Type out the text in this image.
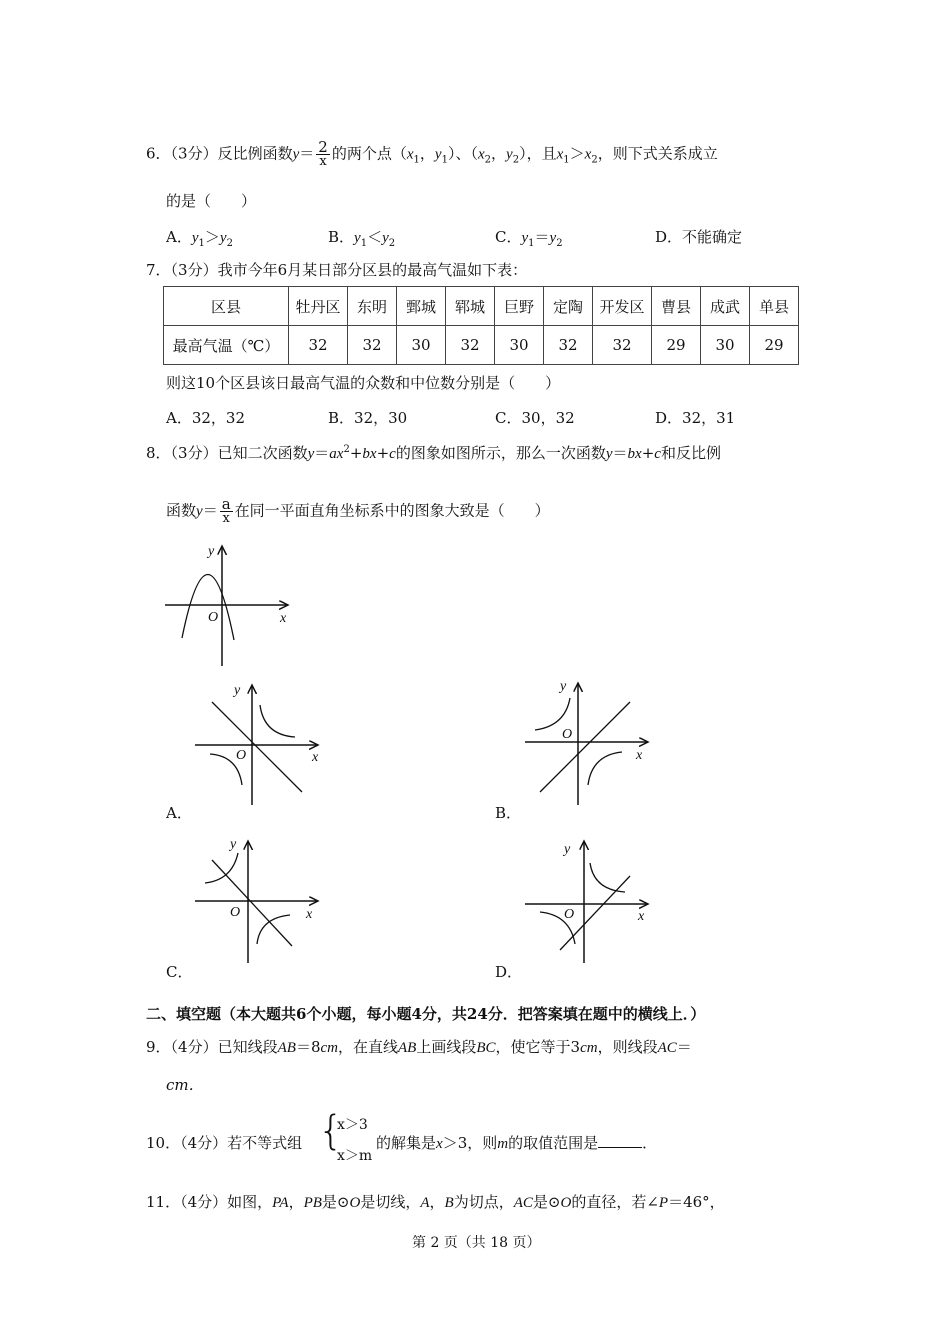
6．（3分）反比例函数$y= \frac{2}{x}$ 的两个点（$x_1$，$y_1$）、（$x_2$，$y_2$），且$x_1>x_2$，则下式关系成立
的是（　　）
A．$y_1>y_2$	B．$y_1<y_2$	C．$y_1=y_2$	D．不能确定
7．（3分）我市今年6月某日部分区县的最高气温如下表：
区县	牡丹区	东明	鄄城	郓城	巨野	定陶	开发区	曹县	成武	单县
最高气温（℃）	32	32	30	32	30	32	32	29	30	29
则这10个区县该日最高气温的众数和中位数分别是（　　）
A．32，32	B．32，30	C．30，32	D．32，31
8．（3分）已知二次函数$y=ax^2+bx+c$的图象如图所示，那么一次函数y＝bx+c和反比例
函数$y= \frac{a}{x}$ 在同一平面直角坐标系中的图象大致是（　　）
O	x
y
O	x
y
A．
O
x
y
B．
O	x
y
C．
O	x
y
D．
二、填空题（本大题共6个小题，每小题4分，共24分．把答案填在题中的横线上．）
9．（4分）已知线段AB＝8cm，在直线AB上画线段BC，使它等于3cm，则线段AC＝
cm．
10．（4分）若不等式组 {
x＞3
x＞m
的解集是x＞3，则m的取值范围是	．
11．（4分）如图，PA，PB是⊙O是切线，A，B为切点，AC是⊙O的直径，若∠P＝46°，
第 2 页（共 18 页）
